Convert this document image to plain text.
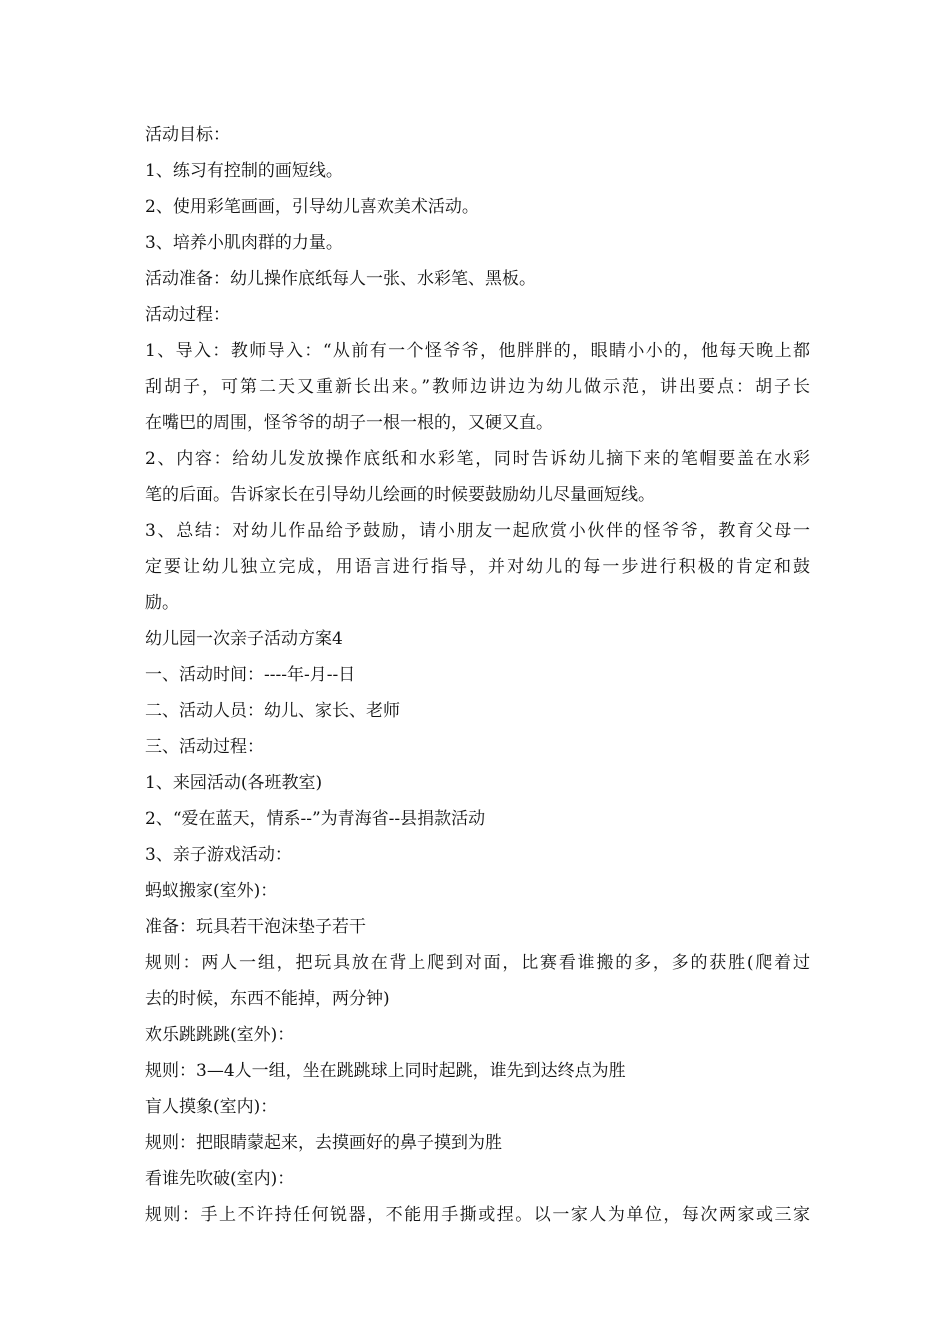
活动目标：
1、练习有控制的画短线。
2、使用彩笔画画，引导幼儿喜欢美术活动。
3、培养小肌肉群的力量。
活动准备：幼儿操作底纸每人一张、水彩笔、黑板。
活动过程：
1、导入：教师导入：“从前有一个怪爷爷，他胖胖的，眼睛小小的，他每天晚上都
刮胡子，可第二天又重新长出来。”教师边讲边为幼儿做示范，讲出要点：胡子长
在嘴巴的周围，怪爷爷的胡子一根一根的，又硬又直。
2、内容：给幼儿发放操作底纸和水彩笔，同时告诉幼儿摘下来的笔帽要盖在水彩
笔的后面。告诉家长在引导幼儿绘画的时候要鼓励幼儿尽量画短线。
3、总结：对幼儿作品给予鼓励，请小朋友一起欣赏小伙伴的怪爷爷，教育父母一
定要让幼儿独立完成，用语言进行指导，并对幼儿的每一步进行积极的肯定和鼓
励。
幼儿园一次亲子活动方案4
一、活动时间：----年-月--日
二、活动人员：幼儿、家长、老师
三、活动过程：
1、来园活动(各班教室)
2、“爱在蓝天，情系--”为青海省--县捐款活动
3、亲子游戏活动：
蚂蚁搬家(室外)：
准备：玩具若干泡沫垫子若干
规则：两人一组，把玩具放在背上爬到对面，比赛看谁搬的多，多的获胜(爬着过
去的时候，东西不能掉，两分钟)
欢乐跳跳跳(室外)：
规则：3—4人一组，坐在跳跳球上同时起跳，谁先到达终点为胜
盲人摸象(室内)：
规则：把眼睛蒙起来，去摸画好的鼻子摸到为胜
看谁先吹破(室内)：
规则：手上不许持任何锐器，不能用手撕或捏。以一家人为单位，每次两家或三家
